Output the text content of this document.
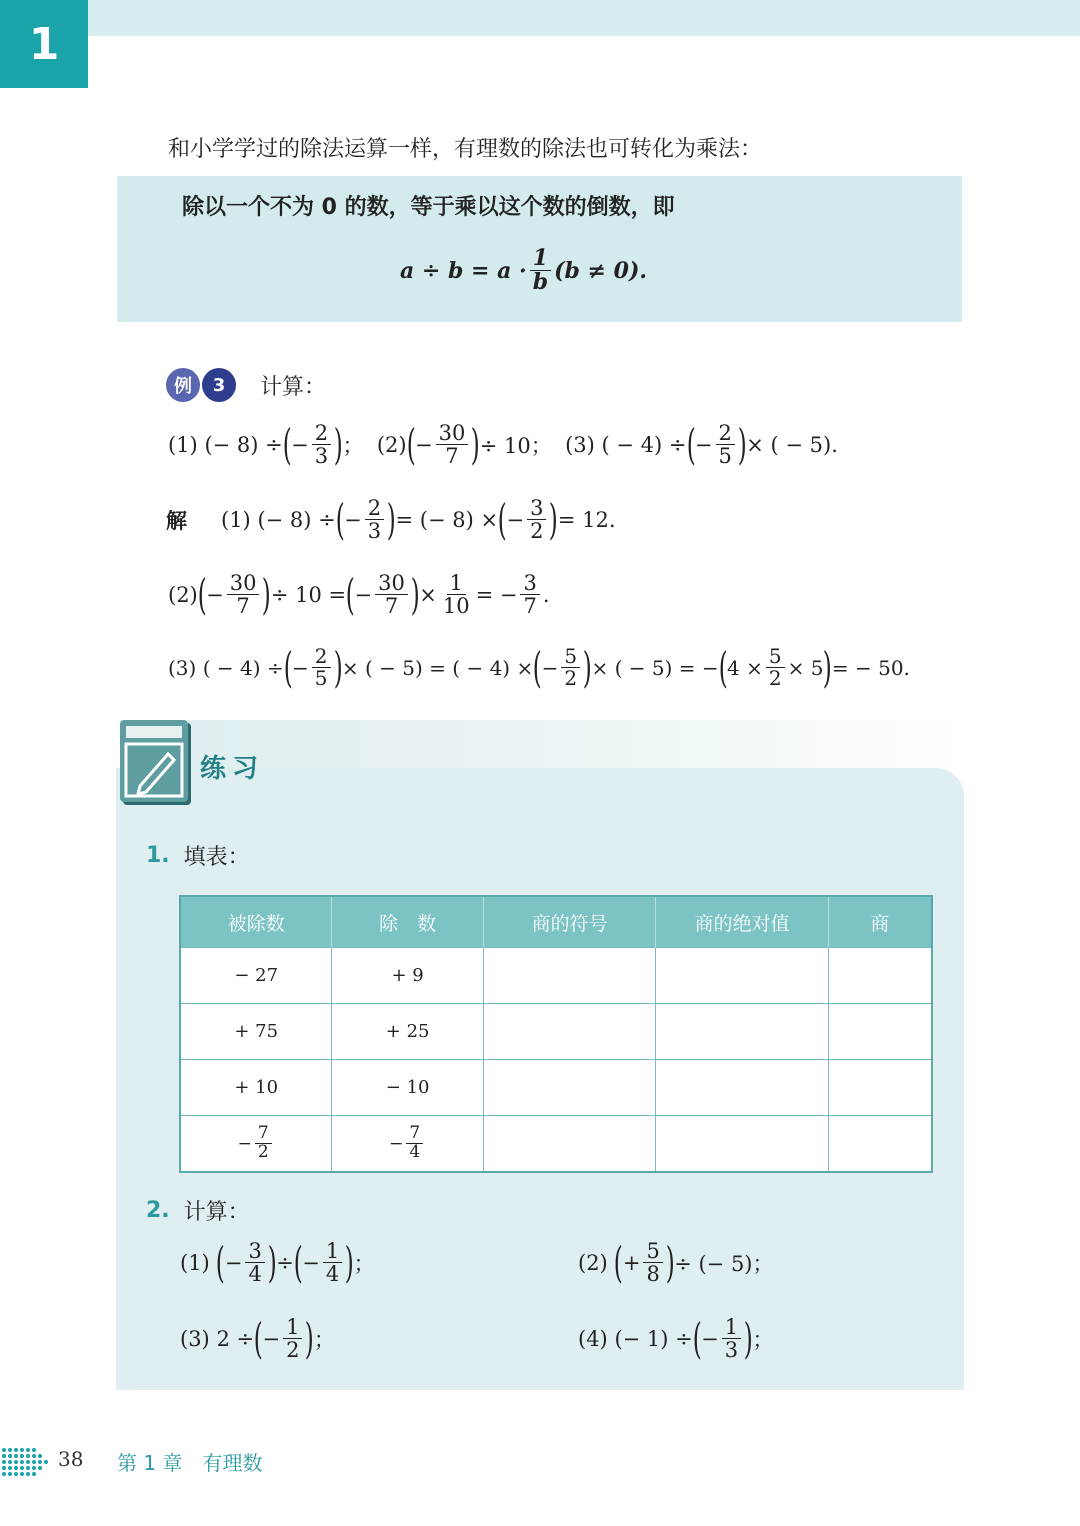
1
和小学学过的除法运算一样，有理数的除法也可转化为乘法：
除以一个不为 0 的数，等于乘以这个数的倒数，即
$a \div b = a \cdot \frac{1}{b} (b \ne 0)$.
例	3	计算：
(1)
(− 8) ÷ ( − $\frac{2}{3}$ ) ；
(2) ( − $\frac{30}{7}$ ) ÷ 10；
(3)
( − 4) ÷ ( − $\frac{2}{5}$ ) × ( − 5).
解 (1)
(− 8) ÷ ( − $\frac{2}{3}$ ) = (− 8) × ( − $\frac{3}{2}$ ) = 12.
(2) ( − $\frac{30}{7}$ ) ÷ 10 = ( − $\frac{30}{7}$ ) × $\frac{1}{10}$ = − $\frac{3}{7}$ .
(3)
( − 4) ÷ ( − $\frac{2}{5}$ ) × ( − 5) = ( − 4) × ( − $\frac{5}{2}$ ) × ( − 5) = − ( $4 \times \frac{5}{2} \times 5$ ) = − 50.
练习
1. 填表：
被除数	除　数	商的符号	商的绝对值	商
− 27	+ 9			
+ 75	+ 25			
+ 10	− 10			

− $\frac{7}{2}$	− $\frac{7}{4}$

2. 计算：
(1)
( − $\frac{3}{4}$ ) ÷ ( − $\frac{1}{4}$ ) ；	(2)
( + $\frac{5}{8}$ ) ÷ (− 5)；
(3)
2 ÷ ( − $\frac{1}{2}$ ) ；	(4)
(− 1) ÷ ( − $\frac{1}{3}$ ) ；
38 第 1 章　有理数
